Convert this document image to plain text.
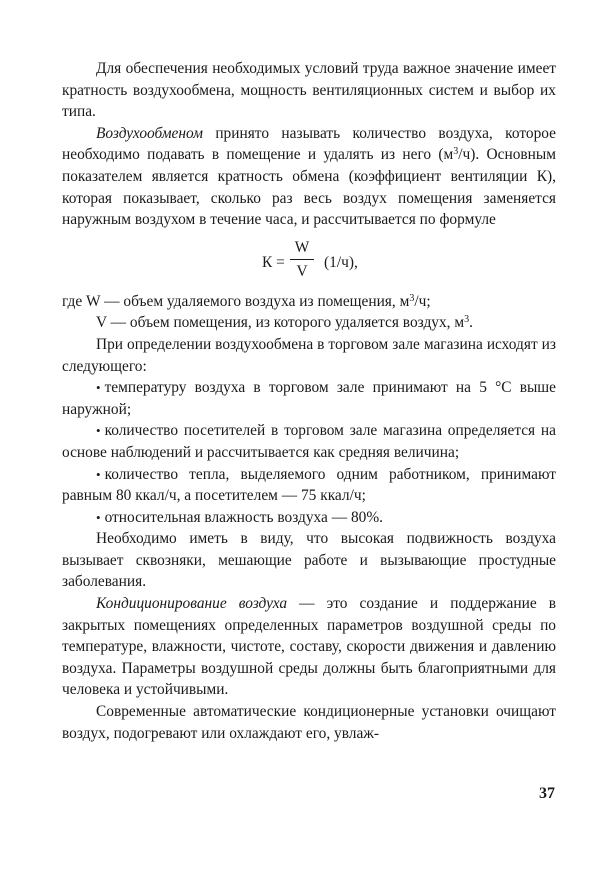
Для обеспечения необходимых условий труда важное значение имеет кратность воздухообмена, мощность вентиляционных систем и выбор их типа.

Воздухообменом принято называть количество воздуха, которое необходимо подавать в помещение и удалять из него $(м^3/ч)$. Основным показателем является кратность обмена (коэффициент вентиляции К), которая показывает, сколько раз весь воздух помещения заменяется наружным воздухом в течение часа, и рассчитывается по формуле

К =
W
V
(1/ч),

где W — объем удаляемого воздуха из помещения, $м^3/ч$;

V — объем помещения, из которого удаляется воздух, $м^3$.

При определении воздухообмена в торговом зале магазина исходят из следующего:

• температуру воздуха в торговом зале принимают на 5 °С выше наружной;

• количество посетителей в торговом зале магазина определяется на основе наблюдений и рассчитывается как средняя величина;

• количество тепла, выделяемого одним работником, принимают равным 80 ккал/ч, а посетителем — 75 ккал/ч;

• относительная влажность воздуха — 80%.

Необходимо иметь в виду, что высокая подвижность воздуха вызывает сквозняки, мешающие работе и вызывающие простудные заболевания.

Кондиционирование воздуха — это создание и поддержание в закрытых помещениях определенных параметров воздушной среды по температуре, влажности, чистоте, составу, скорости движения и давлению воздуха. Параметры воздушной среды должны быть благоприятными для человека и устойчивыми.

Современные автоматические кондиционерные установки очищают воздух, подогревают или охлаждают его, увлаж-

37
